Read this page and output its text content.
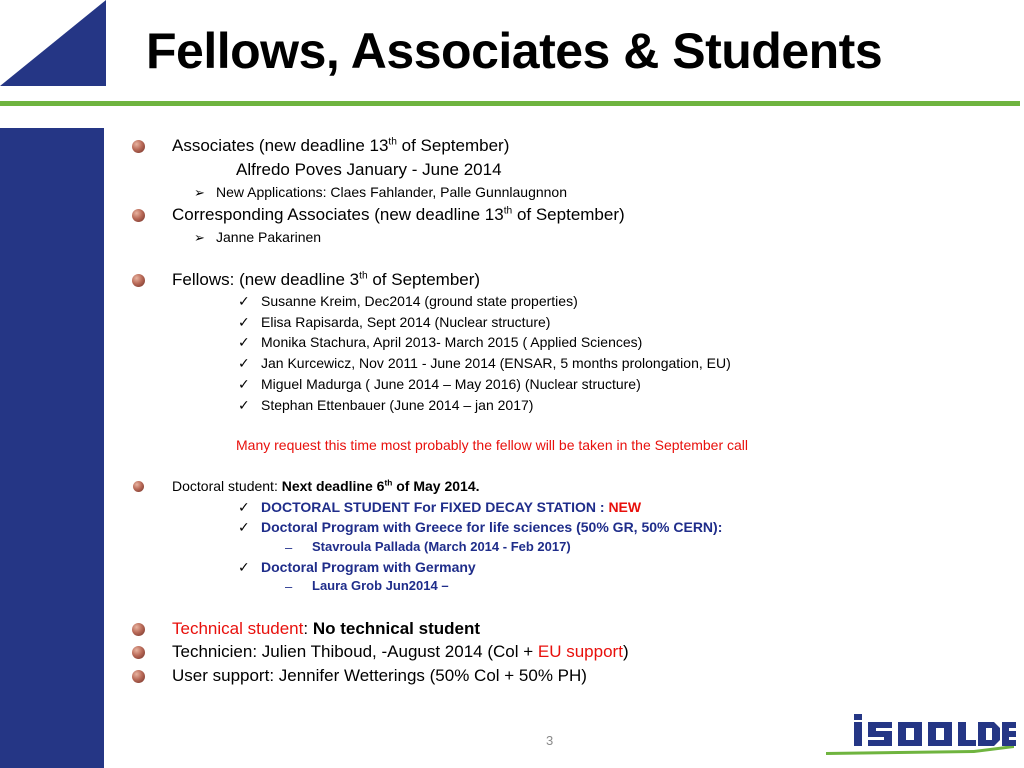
Fellows, Associates & Students
Associates (new deadline 13th of September)
Alfredo Poves January - June 2014
➢ New Applications: Claes Fahlander, Palle Gunnlaugnnon
Corresponding Associates (new deadline 13th of September)
➢ Janne Pakarinen
Fellows: (new deadline 3th of September)
✓ Susanne Kreim, Dec2014 (ground state properties)
✓ Elisa Rapisarda, Sept 2014 (Nuclear structure)
✓ Monika Stachura, April 2013- March 2015 ( Applied Sciences)
✓ Jan Kurcewicz, Nov 2011 - June 2014 (ENSAR, 5 months prolongation, EU)
✓ Miguel Madurga ( June 2014 – May 2016) (Nuclear structure)
✓ Stephan Ettenbauer (June 2014 – jan 2017)
Many request this time most probably the fellow will be taken in the September call
Doctoral student: Next deadline 6th of May 2014.
✓ DOCTORAL STUDENT For FIXED DECAY STATION : NEW
✓ Doctoral Program with Greece for life sciences (50% GR, 50% CERN):
– Stavroula Pallada (March 2014 - Feb 2017)
✓ Doctoral Program with Germany
– Laura Grob Jun2014 –
Technical student: No technical student
Technicien: Julien Thiboud, -August 2014 (Col + EU support)
User support: Jennifer Wetterings (50% Col + 50% PH)
3
